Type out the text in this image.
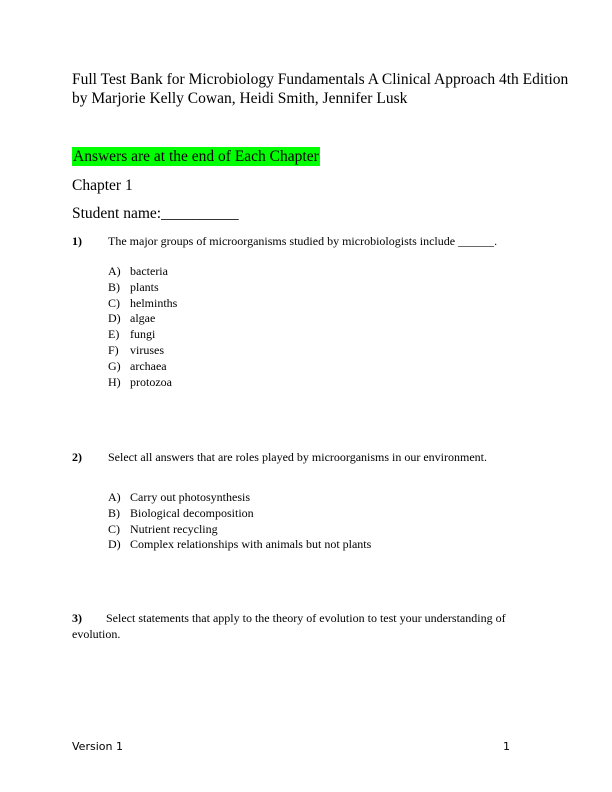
Full Test Bank for Microbiology Fundamentals A Clinical Approach 4th Edition
by Marjorie Kelly Cowan, Heidi Smith, Jennifer Lusk
Answers are at the end of Each Chapter
Chapter 1
Student name:__________
1) The major groups of microorganisms studied by microbiologists include ______.
A) bacteria
B) plants
C) helminths
D) algae
E) fungi
F) viruses
G) archaea
H) protozoa
2) Select all answers that are roles played by microorganisms in our environment.
A) Carry out photosynthesis
B) Biological decomposition
C) Nutrient recycling
D) Complex relationships with animals but not plants
3) Select statements that apply to the theory of evolution to test your understanding of evolution.
Version 1	1
